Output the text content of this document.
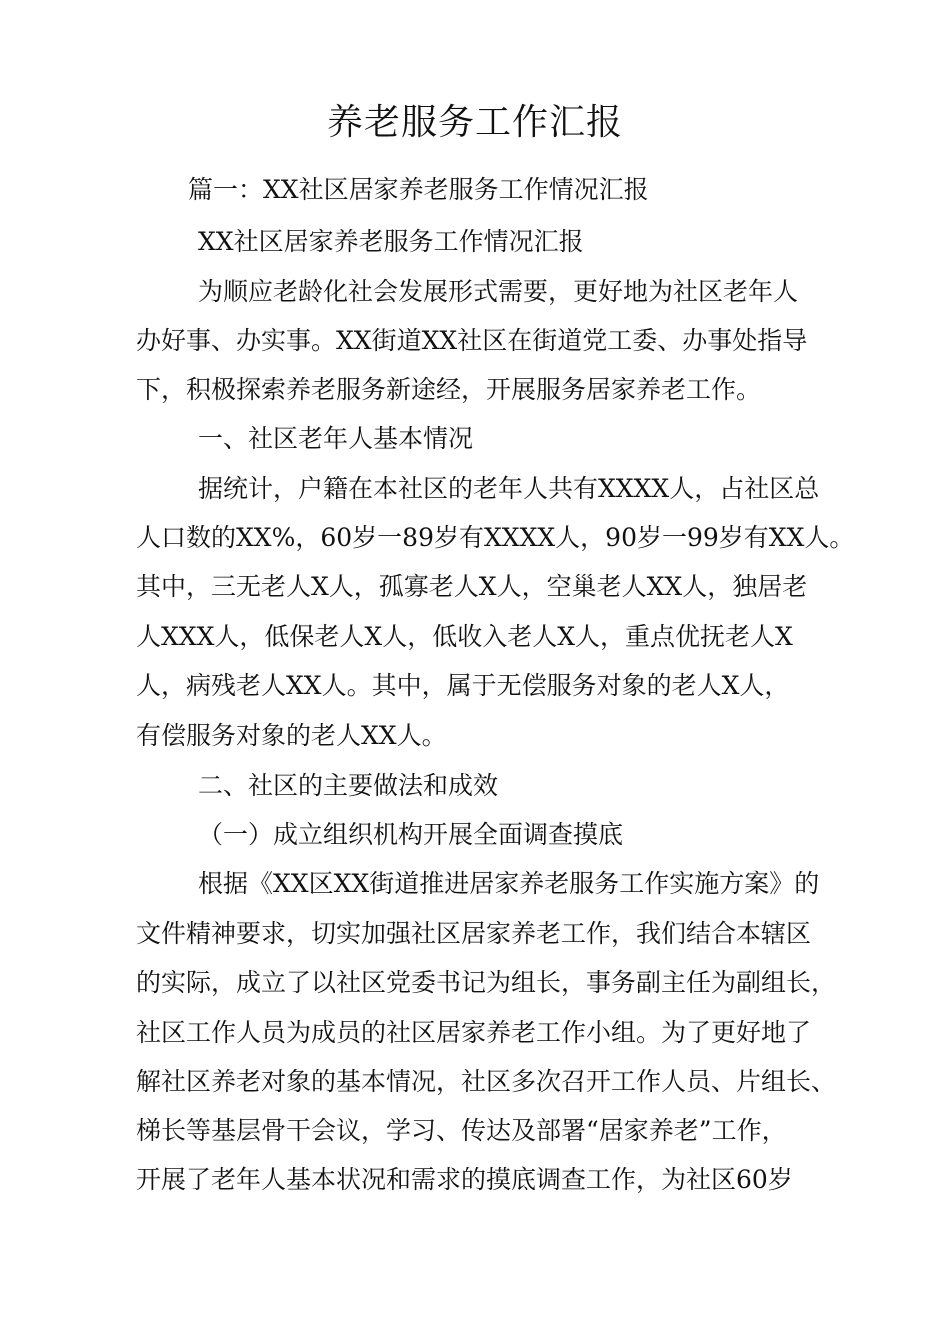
养老服务工作汇报
篇一：XX社区居家养老服务工作情况汇报
XX社区居家养老服务工作情况汇报
为顺应老龄化社会发展形式需要，更好地为社区老年人
办好事、办实事。XX街道XX社区在街道党工委、办事处指导
下，积极探索养老服务新途经，开展服务居家养老工作。
一、社区老年人基本情况
据统计，户籍在本社区的老年人共有XXXX人，占社区总
人口数的XX%，60岁一89岁有XXXX人，90岁一99岁有XX人。
其中，三无老人X人，孤寡老人X人，空巢老人XX人，独居老
人XXX人，低保老人X人，低收入老人X人，重点优抚老人X
人，病残老人XX人。其中，属于无偿服务对象的老人X人，
有偿服务对象的老人XX人。
二、社区的主要做法和成效
（一）成立组织机构开展全面调查摸底
根据《XX区XX街道推进居家养老服务工作实施方案》的
文件精神要求，切实加强社区居家养老工作，我们结合本辖区
的实际，成立了以社区党委书记为组长，事务副主任为副组长，
社区工作人员为成员的社区居家养老工作小组。为了更好地了
解社区养老对象的基本情况，社区多次召开工作人员、片组长、
梯长等基层骨干会议，学习、传达及部署“居家养老”工作，
开展了老年人基本状况和需求的摸底调查工作，为社区60岁
